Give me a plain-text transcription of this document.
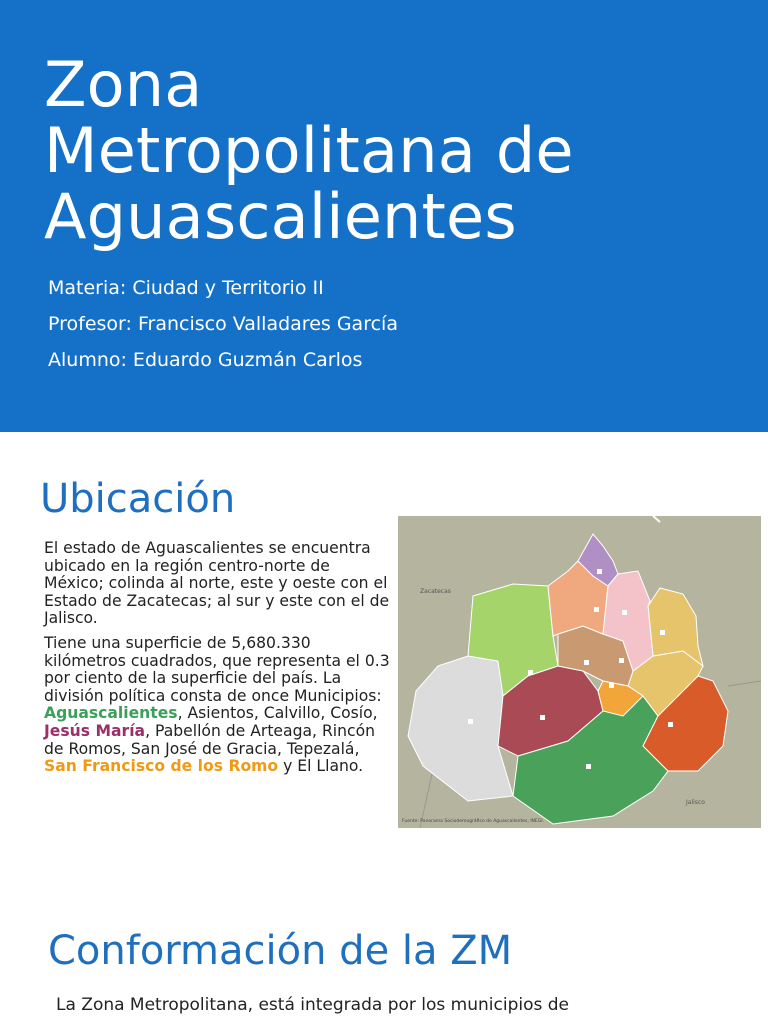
Zona
Metropolitana de
Aguascalientes
Materia: Ciudad y Territorio II
Profesor: Francisco Valladares García
Alumno: Eduardo Guzmán Carlos
Ubicación

El estado de Aguascalientes se encuentra ubicado en la región centro-norte de México; colinda al norte, este y oeste con el Estado de Zacatecas; al sur y este con el de Jalisco.

Tiene una superficie de 5,680.330 kilómetros cuadrados, que representa el 0.3 por ciento de la superficie del país. La división política consta de once Municipios: Aguascalientes, Asientos, Calvillo, Cosío, Jesús María, Pabellón de Arteaga, Rincón de Romos, San José de Gracia, Tepezalá, San Francisco de los Romo y El Llano.

Zacatecas
Jalisco
Fuente: Panorama Sociodemográfico de Aguascalientes, INEGI.
Conformación de la ZM
La Zona Metropolitana, está integrada por los municipios de
